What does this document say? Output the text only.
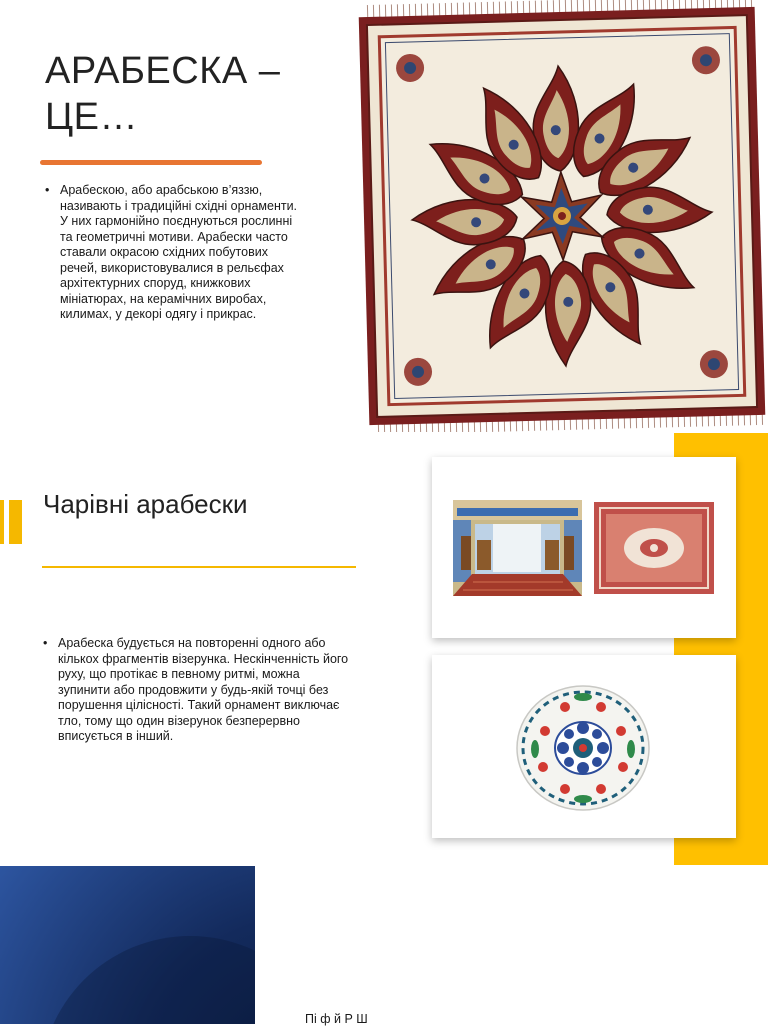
АРАБЕСКА – ЦЕ…
• Арабескою, або арабською в’яззю, називають і традиційні східні орнаменти. У них гармонійно поєднуються рослинні та геометричні мотиви. Арабески часто ставали окрасою східних побутових речей, використовувалися в рельєфах архітектурних споруд, книжкових мініатюрах, на керамічних виробах, килимах, у декорі одягу і прикрас.
Чарівні арабески
• Арабеска будується на повторенні одного або кількох фрагментів візерунка. Нескінченність його руху, що протікає в певному ритмі, можна зупинити або продовжити у будь-якій точці без порушення цілісності. Такий орнамент виключає тло, тому що один візерунок безперервно вписується в інший.
Пі ф й Р Ш
